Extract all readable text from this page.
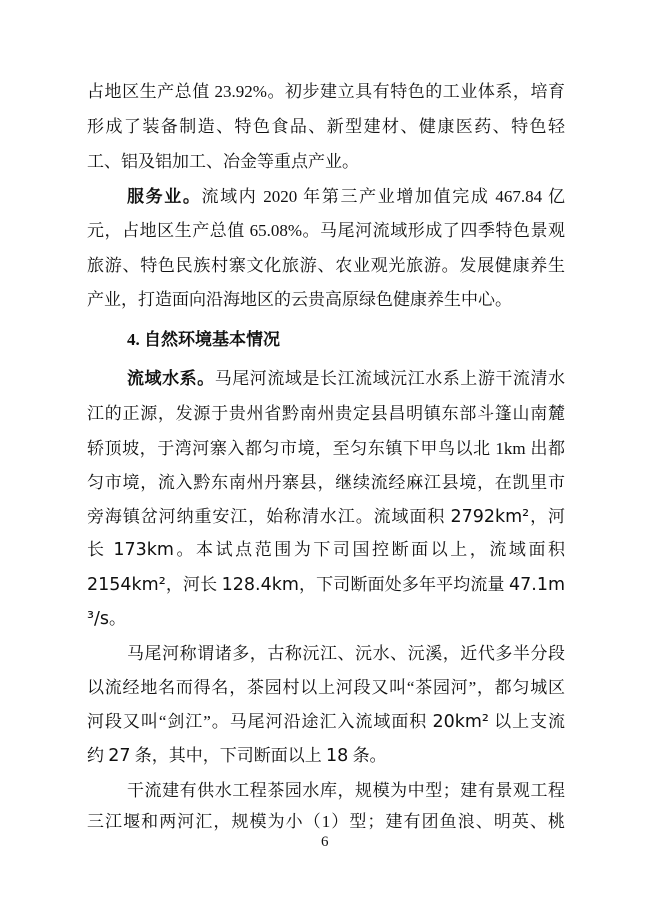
占地区生产总值 23.92%。初步建立具有特色的工业体系，培育
形成了装备制造、特色食品、新型建材、健康医药、特色轻
工、铝及铝加工、冶金等重点产业。
服务业。流域内 2020 年第三产业增加值完成 467.84 亿
元，占地区生产总值 65.08%。马尾河流域形成了四季特色景观
旅游、特色民族村寨文化旅游、农业观光旅游。发展健康养生
产业，打造面向沿海地区的云贵高原绿色健康养生中心。
4. 自然环境基本情况
流域水系。马尾河流域是长江流域沅江水系上游干流清水
江的正源，发源于贵州省黔南州贵定县昌明镇东部斗篷山南麓
轿顶坡，于湾河寨入都匀市境，至匀东镇下甲鸟以北 1km 出都
匀市境，流入黔东南州丹寨县，继续流经麻江县境，在凯里市
旁海镇岔河纳重安江，始称清水江。流域面积 2792km²，河
长 173km。本试点范围为下司国控断面以上，流域面积
2154km²，河长 128.4km，下司断面处多年平均流量 47.1m
³/s。
马尾河称谓诸多，古称沅江、沅水、沅溪，近代多半分段
以流经地名而得名，茶园村以上河段又叫“茶园河”，都匀城区
河段又叫“剑江”。马尾河沿途汇入流域面积 20km² 以上支流
约 27 条，其中，下司断面以上 18 条。
干流建有供水工程茶园水库，规模为中型；建有景观工程
三江堰和两河汇，规模为小（1）型；建有团鱼浪、明英、桃
6
